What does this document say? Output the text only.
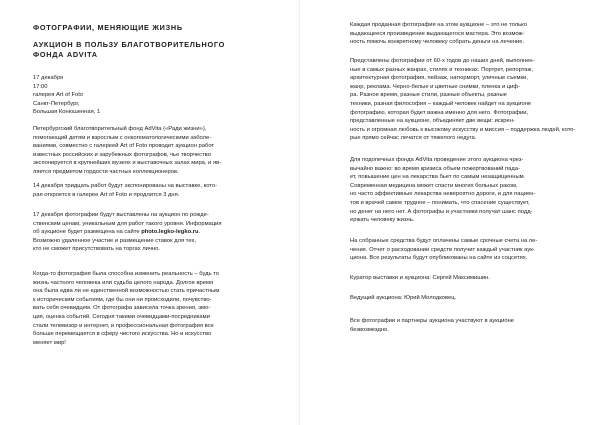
ФОТОГРАФИИ, МЕНЯЮЩИЕ ЖИЗНЬ
АУКЦИОН В ПОЛЬЗУ БЛАГОТВОРИТЕЛЬНОГО
ФОНДА ADVITA
17 декабря
17:00
галерея Art of Foto
Санкт-Петербург,
Большая Конюшенная, 1
Петербургский благотворительный фонд AdVita («Ради жизни»),
помогающий детям и взрослым с онкогематологическими заболе-
ваниями, совместно с галереей Art of Foto проводит аукцион работ
известных российских и зарубежных фотографов, чье творчество
экспонируется в крупнейших музеях и выставочных залах мира, и яв-
ляется предметом гордости частных коллекционеров.
14 декабря тридцать работ будут экспонированы на выставке, кото-
рая откроется в галерее Art of Foto и продлится 3 дня.
17 декабря фотографии будут выставлены на аукцион по рожде-
ственским ценам, уникальным для работ такого уровня. Информация
об аукционе будет размещена на сайте photo.legko-legko.ru.
Возможно удаленное участие и размещение ставок для тех,
кто не сможет присутствовать на торгах лично.
Когда-то фотография была способна изменить реальность – будь то
жизнь частного человека или судьба целого народа. Долгое время
она была едва ли не единственной возможностью стать причастным
к историческим событиям, где бы они ни происходили, почувство-
вать себя очевидцем. От фотографа зависела точка зрения, эмо-
ция, оценка событий. Сегодня такими очевидцами-посредниками
стали телевизор и интернет, и профессиональная фотография все
больше перемещается в сферу чистого искусства. Но и искусство
меняет мир!
Каждая проданная фотография на этом аукционе – это не только
выдающееся произведение выдающегося мастера. Это возмож-
ность помочь конкретному человеку собрать деньги на лечение.
Представлены фотографии от 60-х годов до наших дней, выполнен-
ные в самых разных жанрах, стилях и техниках. Портрет, репортаж,
архитектурная фотография, пейзаж, натюрморт, уличные съемки,
жанр, реклама. Черно-белые и цветные снимки, пленка и циф-
ра. Разное время, разные стили, разные объекты, разные
техники, разная философия – каждый человек найдет на аукционе
фотографию, которая будет важна именно для него. Фотографии,
представленные на аукционе, объединяет две вещи: искрен-
ность и огромная любовь к высокому искусству и миссия – поддержка людей, кото-
рые прямо сейчас лечатся от тяжелого недуга.
Для подопечных фонда AdVita проведение этого аукциона чрез-
вычайно важно: во время кризиса объем пожертвований пада-
ет, повышение цен на лекарства бьет по самым незащищенным.
Современная медицина может спасти многих больных раком,
но часто эффективные лекарства невероятно дороги, и для пациен-
тов и врачей самое трудное – понимать, что спасение существует,
но денег на него нет. А фотографы и участники получат шанс подд-
ержать человеку жизнь.
На собранные средства будут оплачены самые срочные счета на ле-
чение. Отчет о расходовании средств получит каждый участник аук-
циона. Все результаты будут опубликованы на сайте из соцсетях.
Куратор выставки и аукциона: Сергей Максимишин.
Ведущий аукциона: Юрий Молодковец.
Все фотографии и партнеры аукциона участвуют в аукционе
безвозмездно.
